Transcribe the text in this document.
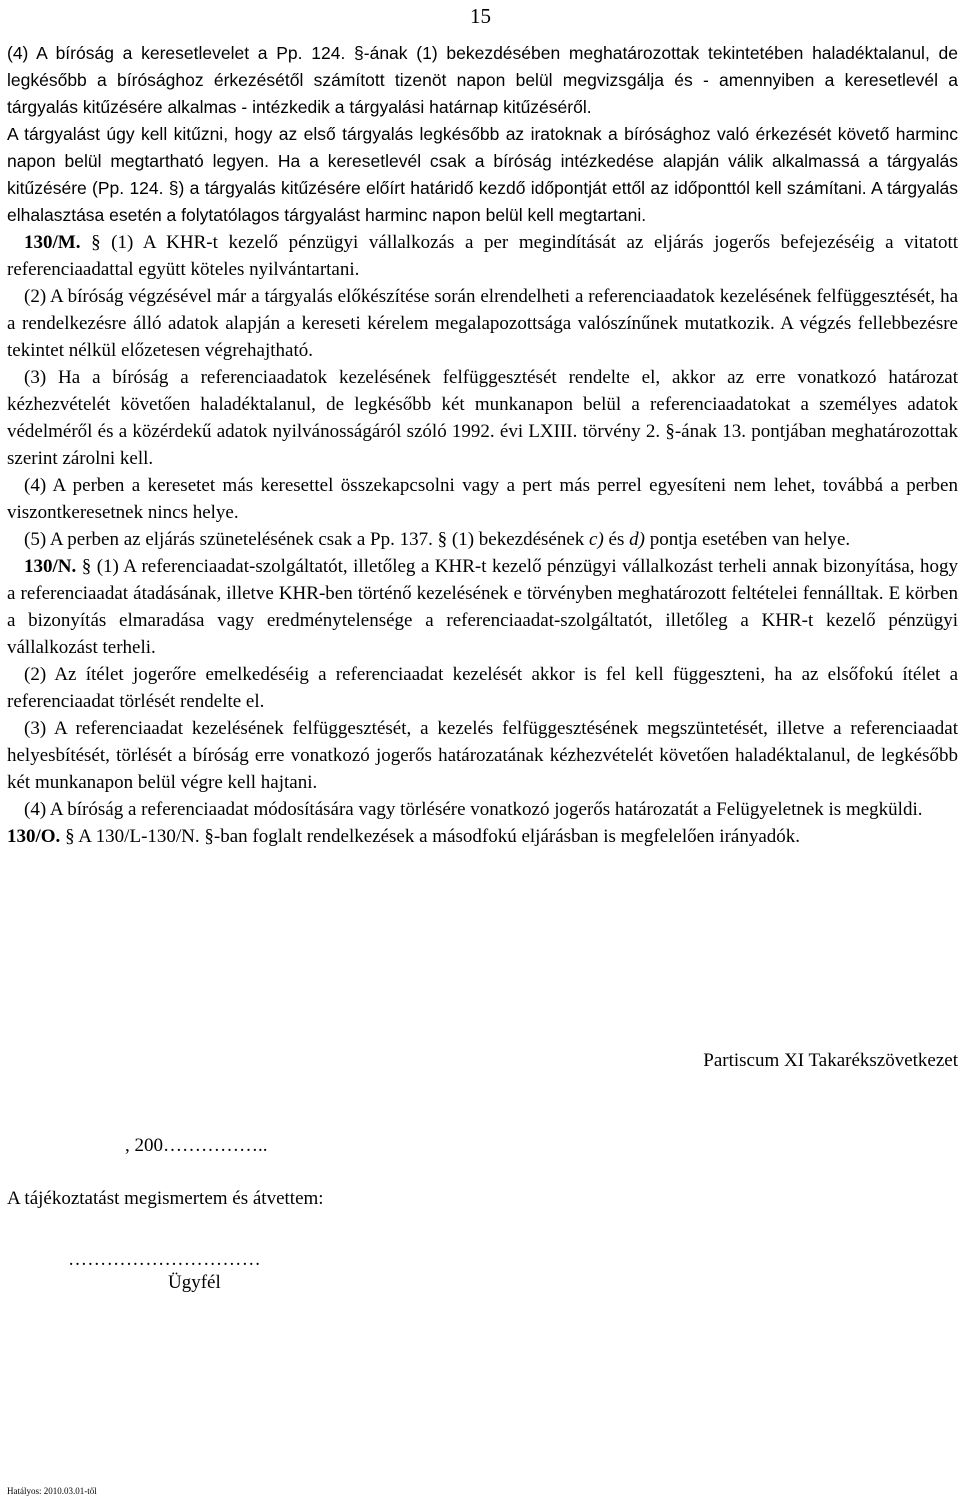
15

(4) A bíróság a keresetlevelet a Pp. 124. §-ának (1) bekezdésében meghatározottak tekintetében haladéktalanul, de legkésőbb a bírósághoz érkezésétől számított tizenöt napon belül megvizsgálja és - amennyiben a keresetlevél a tárgyalás kitűzésére alkalmas - intézkedik a tárgyalási határnap kitűzéséről.

A tárgyalást úgy kell kitűzni, hogy az első tárgyalás legkésőbb az iratoknak a bírósághoz való érkezését követő harminc napon belül megtartható legyen. Ha a keresetlevél csak a bíróság intézkedése alapján válik alkalmassá a tárgyalás kitűzésére (Pp. 124. §) a tárgyalás kitűzésére előírt határidő kezdő időpontját ettől az időponttól kell számítani. A tárgyalás elhalasztása esetén a folytatólagos tárgyalást harminc napon belül kell megtartani.

130/M. § (1) A KHR-t kezelő pénzügyi vállalkozás a per megindítását az eljárás jogerős befejezéséig a vitatott referenciaadattal együtt köteles nyilvántartani.

(2) A bíróság végzésével már a tárgyalás előkészítése során elrendelheti a referenciaadatok kezelésének felfüggesztését, ha a rendelkezésre álló adatok alapján a kereseti kérelem megalapozottsága valószínűnek mutatkozik. A végzés fellebbezésre tekintet nélkül előzetesen végrehajtható.

(3) Ha a bíróság a referenciaadatok kezelésének felfüggesztését rendelte el, akkor az erre vonatkozó határozat kézhezvételét követően haladéktalanul, de legkésőbb két munkanapon belül a referenciaadatokat a személyes adatok védelméről és a közérdekű adatok nyilvánosságáról szóló 1992. évi LXIII. törvény 2. §-ának 13. pontjában meghatározottak szerint zárolni kell.

(4) A perben a keresetet más keresettel összekapcsolni vagy a pert más perrel egyesíteni nem lehet, továbbá a perben viszontkeresetnek nincs helye.

(5) A perben az eljárás szünetelésének csak a Pp. 137. § (1) bekezdésének c) és d) pontja esetében van helye.

130/N. § (1) A referenciaadat-szolgáltatót, illetőleg a KHR-t kezelő pénzügyi vállalkozást terheli annak bizonyítása, hogy a referenciaadat átadásának, illetve KHR-ben történő kezelésének e törvényben meghatározott feltételei fennálltak. E körben a bizonyítás elmaradása vagy eredménytelensége a referenciaadat-szolgáltatót, illetőleg a KHR-t kezelő pénzügyi vállalkozást terheli.

(2) Az ítélet jogerőre emelkedéséig a referenciaadat kezelését akkor is fel kell függeszteni, ha az elsőfokú ítélet a referenciaadat törlését rendelte el.

(3) A referenciaadat kezelésének felfüggesztését, a kezelés felfüggesztésének megszüntetését, illetve a referenciaadat helyesbítését, törlését a bíróság erre vonatkozó jogerős határozatának kézhezvételét követően haladéktalanul, de legkésőbb két munkanapon belül végre kell hajtani.

(4) A bíróság a referenciaadat módosítására vagy törlésére vonatkozó jogerős határozatát a Felügyeletnek is megküldi.

130/O. § A 130/L-130/N. §-ban foglalt rendelkezések a másodfokú eljárásban is megfelelően irányadók.

Partiscum XI Takarékszövetkezet
, 200……………..
A tájékoztatást megismertem és átvettem:
…………………………
Ügyfél
Hatályos: 2010.03.01-től
